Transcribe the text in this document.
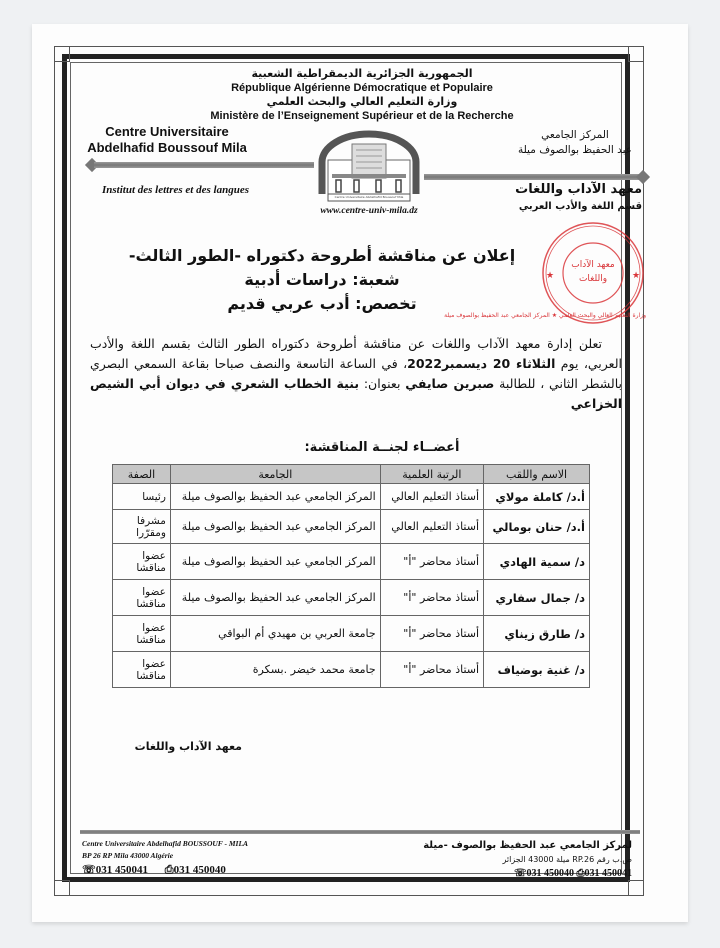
الجمهورية الجزائرية الديمقراطية الشعبية
République Algérienne Démocratique et Populaire
وزارة التعليم العالي والبحث العلمي
Ministère de l’Enseignement Supérieur et de la Recherche
Centre Universitaire
Abdelhafid Boussouf Mila
المركز الجامعي
عبد الحفيظ بوالصوف ميلة
Institut des lettres et des langues
Centre Universitaire Abdelhafid Boussouf Mila
www.centre-univ-mila.dz
معهد الآداب واللغات
قسم اللغة والأدب العربي
★	★
وزارة التعليم العالي والبحث العلمي ★ المركز الجامعي عبد الحفيظ بوالصوف ميلة
معهد الآداب
واللغات
إعلان عن مناقشة أطروحة دكتوراه -الطور الثالث-
شعبة: دراسات أدبية
تخصص: أدب عربي قديم
تعلن إدارة معهد الآداب واللغات عن مناقشة أطروحة دكتوراه الطور الثالث بقسم اللغة والأدب العربي، يوم الثلاثاء 20 ديسمبر2022، في الساعة التاسعة والنصف صباحا بقاعة السمعي البصري بالشطر الثاني ، للطالبة صبرين صايفي بعنوان: بنية الخطاب الشعري في ديوان أبي الشيص الخزاعي
أعضــاء لجنــة المناقشة:
الاسم واللقب	الرتبة العلمية	الجامعة	الصفة
أ.د/ كاملة مولاي	أستاذ التعليم العالي	المركز الجامعي عبد الحفيظ بوالصوف ميلة	رئيسا
أ.د/ حنان بومالي	أستاذ التعليم العالي	المركز الجامعي عبد الحفيظ بوالصوف ميلة	مشرفا ومقرّرا
د/ سمية الهادي	أستاذ محاضر "أ"	المركز الجامعي عبد الحفيظ بوالصوف ميلة	عضوا مناقشا
د/ جمال سفاري	أستاذ محاضر "أ"	المركز الجامعي عبد الحفيظ بوالصوف ميلة	عضوا مناقشا
د/ طارق زيناي	أستاذ محاضر "أ"	جامعة العربي بن مهيدي أم البواقي	عضوا مناقشا
د/ غنية بوضياف	أستاذ محاضر "أ"	جامعة محمد خيضر .بسكرة	عضوا مناقشا
معهد الآداب واللغات
Centre Universitaire Abdelhafid BOUSSOUF - MILA
BP 26 RP Mila 43000 Algérie
☏031 450041 ⎙031 450040
لمركز الجامعي عبد الحفيظ بوالصوف -ميلة
ص.ب رقم RP.26 ميلة 43000 الجزائر
☏031 450040 ⎙031 450041
